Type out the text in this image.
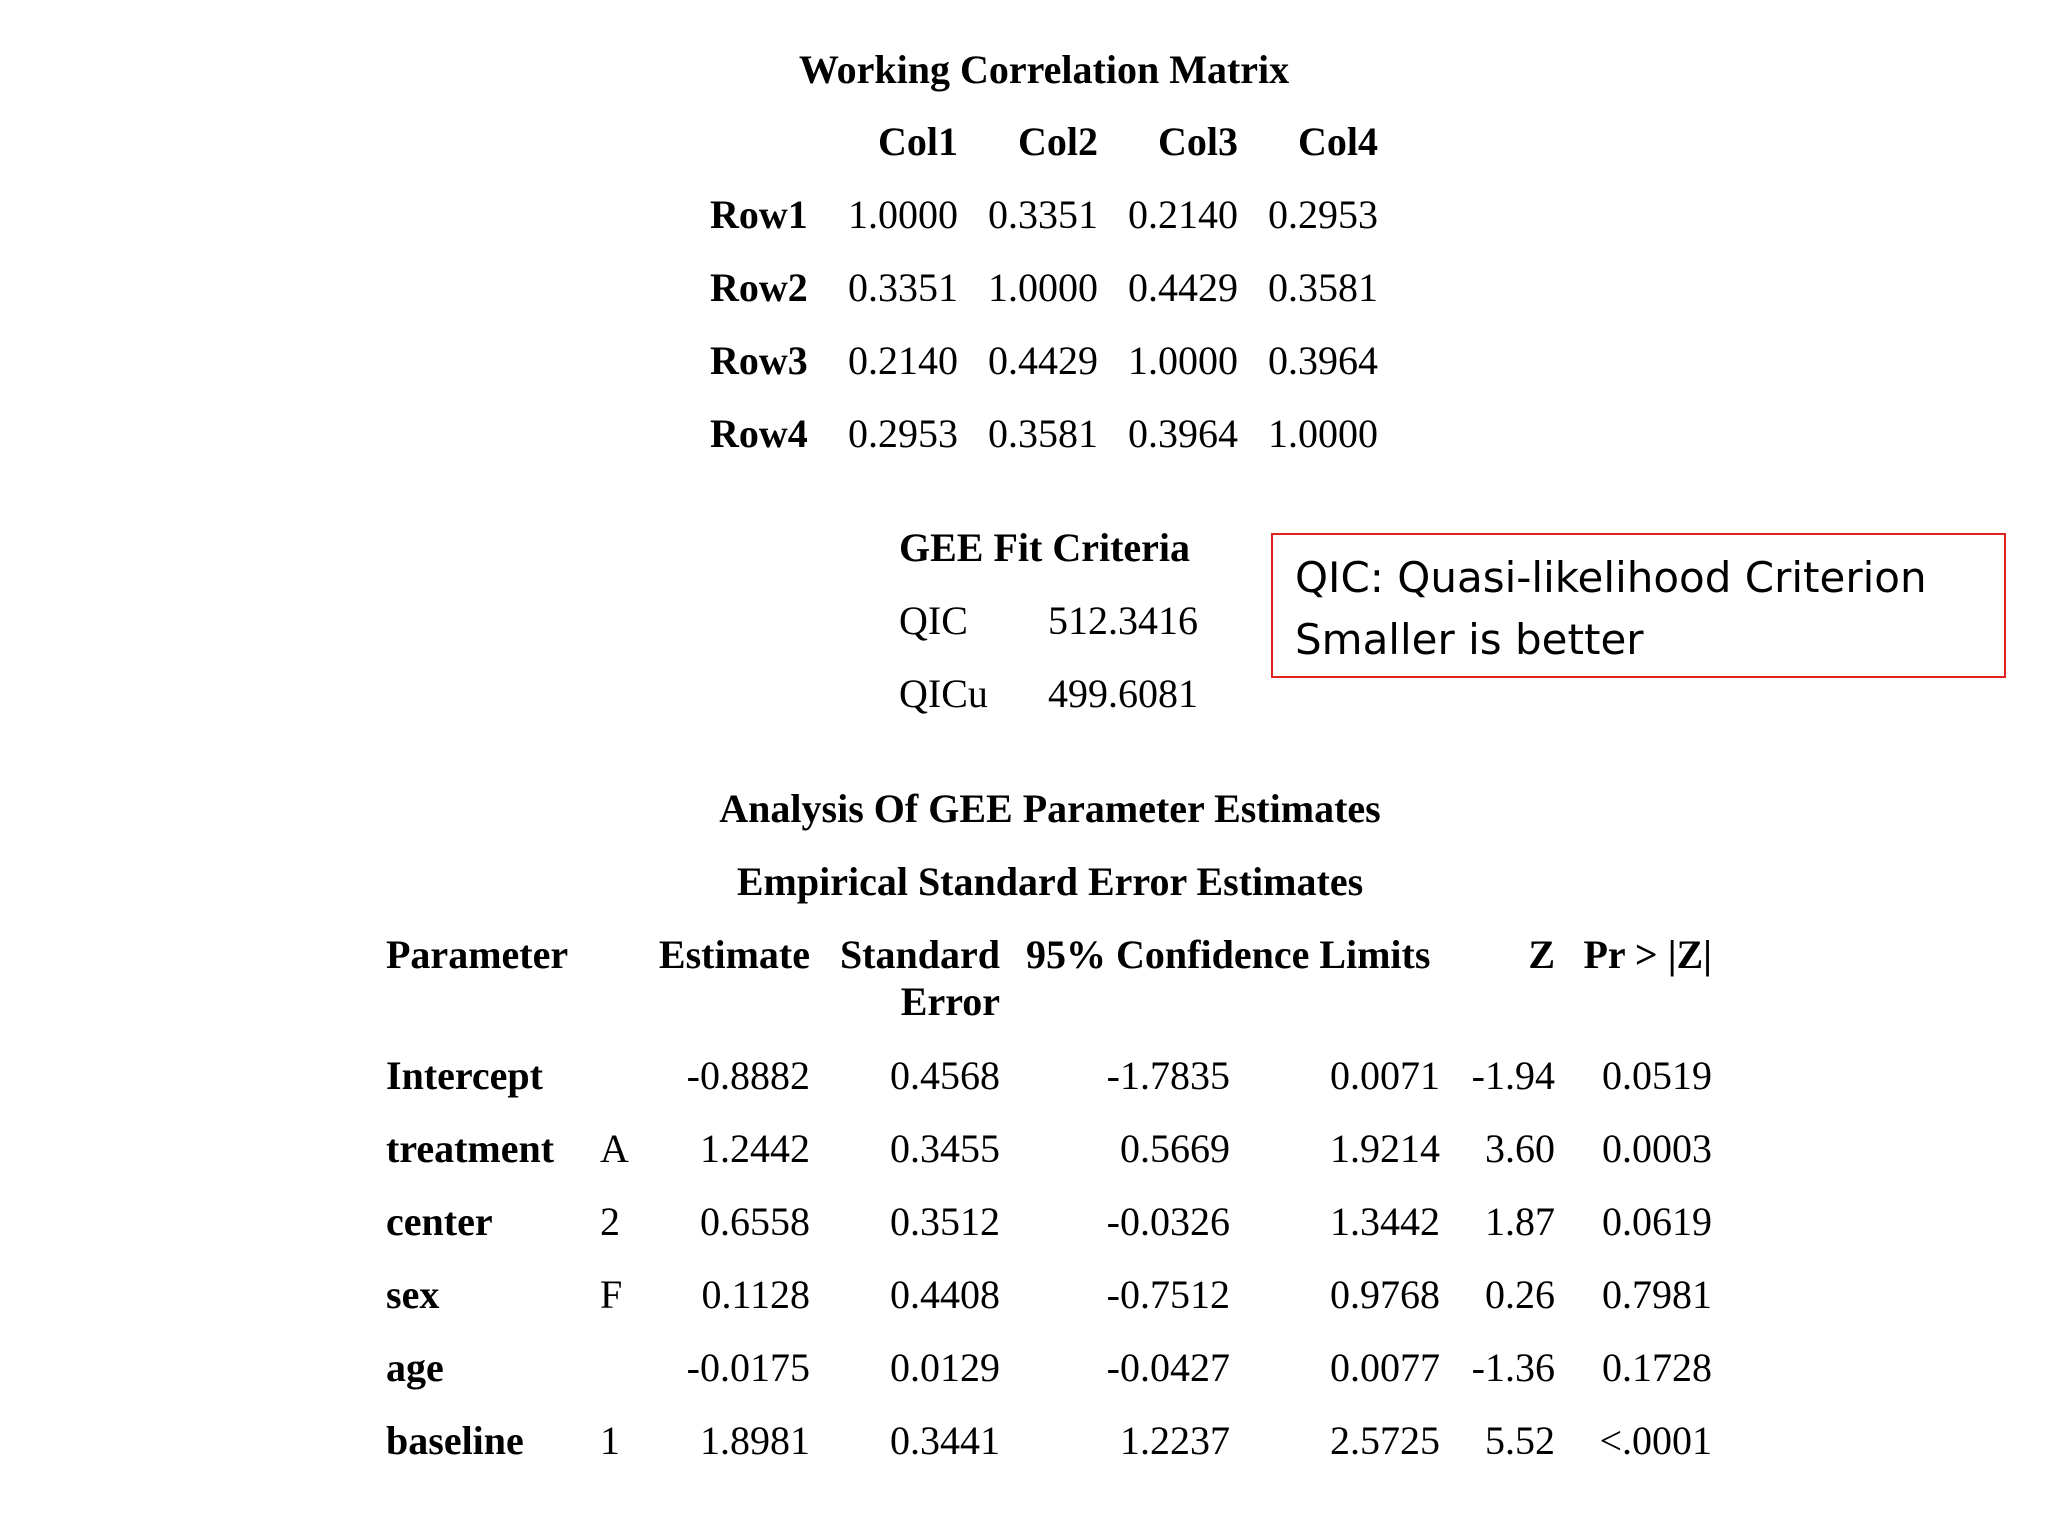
Working Correlation Matrix
Col1	Col2	Col3	Col4
Row1	1.0000 0.3351 0.2140 0.2953
Row2	0.3351 1.0000 0.4429 0.3581
Row3	0.2140 0.4429 1.0000 0.3964
Row4	0.2953 0.3581 0.3964 1.0000
GEE Fit Criteria
QIC 512.3416
QICu 499.6081
QIC: Quasi-likelihood Criterion
Smaller is better
Analysis Of GEE Parameter Estimates
Empirical Standard Error Estimates
Parameter	Estimate Standard
Error
95% Confidence Limits	Z Pr > |Z|
Intercept	-0.8882	0.4568	-1.7835	0.0071 -1.94	0.0519
treatment A	1.2442	0.3455	0.5669	1.9214	3.60	0.0003
center	2	0.6558	0.3512	-0.0326	1.3442	1.87	0.0619
sex	F	0.1128	0.4408	-0.7512	0.9768	0.26	0.7981
age	-0.0175	0.0129	-0.0427	0.0077 -1.36	0.1728
baseline 1	1.8981	0.3441	1.2237	2.5725	5.52	<.0001
